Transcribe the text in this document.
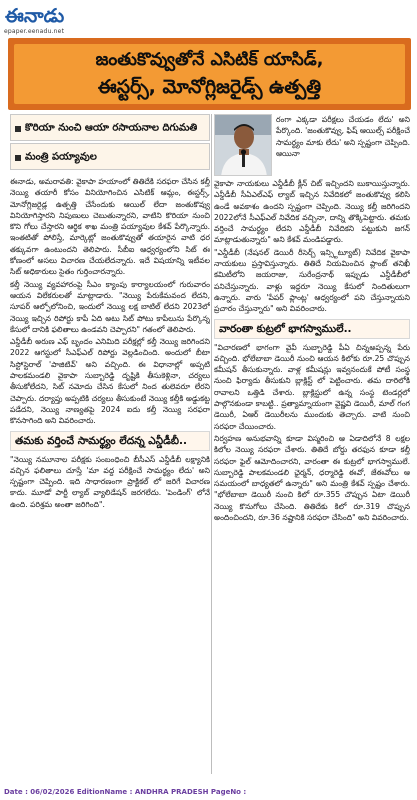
ఈనాడు
epaper.eenadu.net
జంతుకొవ్వుతోనే ఎసిటిక్ యాసిడ్,
ఈస్టర్స్, మోనోగ్లిజరైడ్స్ ఉత్పత్తి
కొరియా నుంచి ఆయా రసాయనాల దిగుమతి
మంత్రి పయ్యావుల

ఈనాడు, అమరావతి: వైకాపా హయాంలో తితిదేకి సరఫరా చేసిన కల్తీ నెయ్యి తయారీ కోసం వినియోగించిన ఎసిటిక్ ఆమ్లం, ఈస్టర్స్, మోనోగ్లిజరైడ్ల ఉత్పత్తి చేసేందుకు ఆయిల్ లేదా జంతుకొవ్వు వినియోగిస్తారని నిపుణులు చెబుతున్నారని, వాటిని కొరియా నుంచి కొని గోలు చేస్తారని ఆర్థిక శాఖ మంత్రి పయ్యావుల కేశవ్ పేర్కొన్నారు. ఇంతటితో పోలిస్తే, మార్కెట్లో జంతుకొవ్వుతో తయారైన వాటి ధర తక్కువగా ఉంటుందని తెలిపారు. సీబీఐ ఆధ్వర్యంలోని సిట్ ఈ కోణంలో అసలు విచారణ చేయలేదన్నారు. ఇదే విషయాన్ని ఇటీవల సిట్ అధికారులు సైతం గుర్తించారన్నారు.

కల్తీ నెయ్యి వ్యవహారంపై సీఎం క్యాంపు కార్యాలయంలో గురువారం ఆయన విలేకరులతో మాట్లాడారు. "నెయ్యి పేరుకేమవంద లేదని, సూపర్ ఆల్పోలోనించి, ఇందులో నెయ్యి లక్ష బాటిల్ లేదని 2023లో నెయ్యి ఇచ్చిన రిపోర్టు కాపీ ఏది అటు సిట్ పోటు కాపీలును పేర్కొన్న కేసులో దానికి ఫలితాలు ఉండవని చెప్పారని" గతంలో తెలిపారు.

ఎన్డీడీబీ అరుణ ఎఫ్ బృందం ఎనిమిది పరీక్షల్లో కల్తీ నెయ్యి జరిగిందని 2022 ఆగస్టులో సీఎఫ్ఎల్ రిపోర్టు వెల్లడించింది. అందులో బీటా సిస్టోస్టెరాల్ 'పాజిటివ్' అని వచ్చింది. ఈ విధానాల్లో అప్పటి పాలకమండలి వైకాపా సుబ్బారెడ్డి దృష్టికి తీసుకెళ్లినా, చర్యలు తీసుకోలేదని, సిట్ నమోదు చేసిన కేసులో నింద తులెవరూ లేరని చెప్పారు. దర్యాప్తు అప్పటికి చర్యలు తీసుకుంటే నెయ్యి కల్తీకి అడ్డుకట్ట పడేదని, నెయ్యి నాణ్యతపై 2024 ఐదు కల్తీ నెయ్యి సరఫరా కొనసాగింది అని వివరించారు.

తమకు వర్తించే సామర్థ్యం లేదన్న ఎన్డీడీబీ..

"నెయ్యి నమూనాల పరీక్షకు సంబంధించి బీసీఎస్ ఎన్డీడీబీ లక్ష్యానికి వచ్చిన ఫలితాలు చూస్తే 'మా వద్ద పరీక్షించే సామర్థ్యం లేదు' అని స్పష్టంగా చెప్పింది. ఇది సాధారణంగా ప్రాక్టికల్ లో జరిగే విచారణ కాదు. మూడో పార్టీ ల్యాబ్ వ్యాలిడేషన్ జరగలేదు. 'పెండింగ్' లోనే ఉంది. పరిశ్రమ అంతా జరిగింది".

రంగా ఎక్కడా పరీక్షలు చేయడం లేదు' అని పేర్కొంది. 'జంతుకొవ్వు, ఫిష్ ఆయిల్స్ పరీక్షించే సామర్థ్యం మాకు లేదు' అని స్పష్టంగా చెప్పింది. ఆయినా

వైకాపా నాయకులు ఎన్డీడీబీ క్లీన్ చిట్ ఇచ్చిందని బుకాయిస్తున్నారు. ఎన్డీడీబీ సీఏఎల్ఎఫ్ ల్యాబ్ ఇచ్చిన నివేదికలో జంతుకొవ్వు కలిసి ఉండే అవకాశం ఉందని స్పష్టంగా చెప్పింది. నెయ్యి కల్తీ జరిగిందని 2022లోనే సీఎఫ్ఎల్ నివేదిక వచ్చినా, దాన్ని తొక్కిపెట్టారు. తమకు వర్తించే సామర్థ్యం లేదని ఎన్డీడీబీ నివేదికని పట్టుకుని జగన్ మాట్లాడుతున్నారు" అని కేశవ్ మండిపడ్డారు.

"ఎన్డీడీబీ (నేషనల్ డెయిరీ రీసెర్చ్ ఇన్స్టిట్యూట్) నివేదిక వైకాపా నాయకులు ప్రస్తావిస్తున్నారు. తితిదే నియమించిన ప్లాంట్ తనిఖీ కమిటీలోని జయరాజు, సురేంద్రనాథ్ ఇప్పుడు ఎన్డీడీబీలో పనిచేస్తున్నారు. వాళ్లు ఇద్దరూ నెయ్యి కేసులో నిందితులుగా ఉన్నారు. వారు 'పేపర్ ప్లాంట్ల' ఆధ్వర్యంలో పని చేస్తున్నాయని ప్రచారం చేస్తున్నారు" అని వివరించారు.

వారంతా కుట్రలో భాగస్వాములే..

"విచారణలో భాగంగా వైవీ సుబ్బారెడ్డి పీఏ చిన్నఅప్పన్న పేరు వచ్చింది. భోలేబాబా డెయిరీ నుంచి ఆయన కిలోకు రూ.25 చొప్పున కమీషన్ తీసుకున్నారు. వాళ్ల కమీషన్లు ఇవ్వనందుకే పోటీ సంస్థ నుంచి ఫిర్యాదు తీసుకుని బ్లాక్లిస్ట్ లో పెట్టించారు. తమ దారిలోకి రావాలని ఒత్తిడి చేశారు. బ్లాక్లిస్టులో ఉన్న సంస్థ టెండర్లలో పాల్గొనకుండా కాబట్టి.. ప్రత్యామ్నాయంగా వైష్ణవి డెయిరీ, మాల్ గంగ డెయిరీ, ఏఆర్ డెయిరీలను ముందుకు తెచ్చారు. వాటి నుంచి సరఫరా చేయించారు.

నిర్వహణ అనుభవాన్ని కూడా విస్మరించి ఆ ఏడాదిలోనే 8 లక్షల కిలోల నెయ్యి సరఫరా చేశారు. తితిదే బోర్డు తరఫున కూడా కల్తీ సరఫరా ఫైల్ ఆమోదించారని, వారంతా ఈ కుట్రలో భాగస్వాములే. సుబ్బారెడ్డి పాలకమండలి ఛైర్మన్, ధర్మారెడ్డి ఈవో, జేఈవోలు ఆ సమయంలో బాధ్యతలో ఉన్నారు" అని మంత్రి కేశవ్ స్పష్టం చేశారు. "భోలేబాబా డెయిరీ నుంచి కిలో రూ.355 చొప్పున ఏటా డెయిరీ నెయ్యి కొనుగోలు చేసింది. తితిదేకు కిలో రూ.319 చొప్పున అందించిందని, రూ.36 నష్టానికి సరఫరా చేసింది" అని వివరించారు.

Date : 06/02/2026 EditionName : ANDHRA PRADESH PageNo :
